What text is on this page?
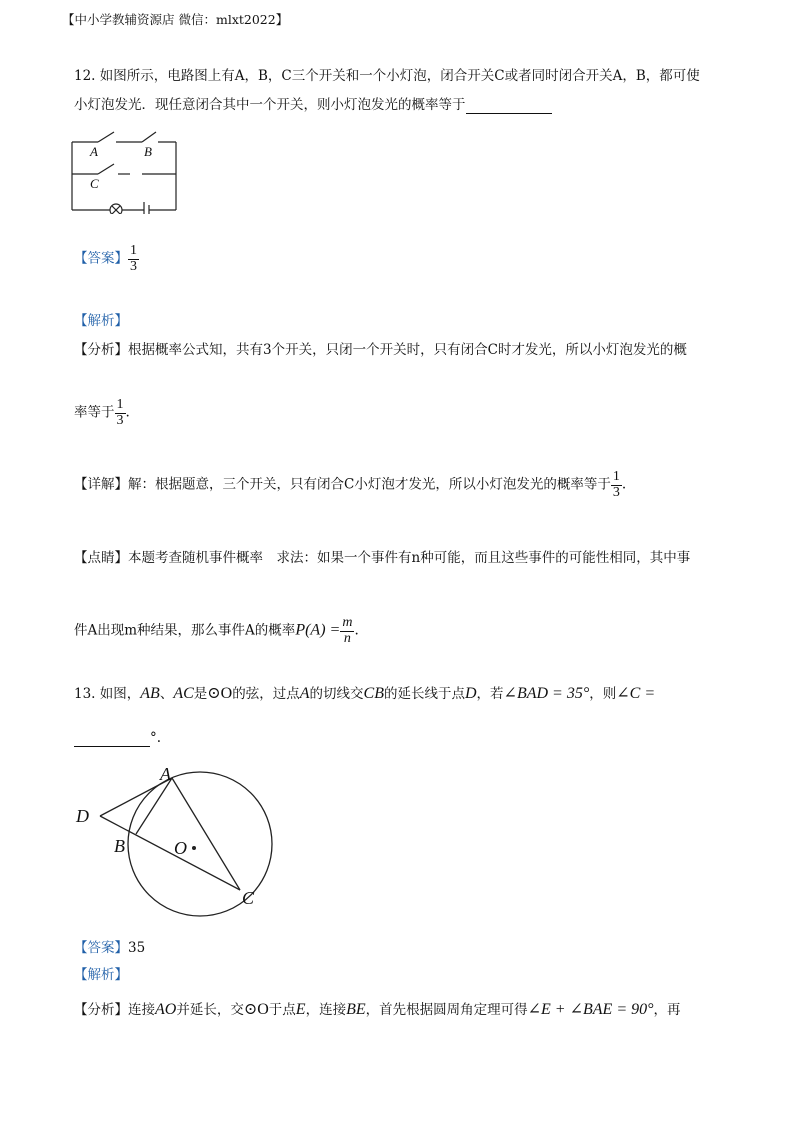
【中小学教辅资源店 微信：mlxt2022】
12. 如图所示，电路图上有A，B，C三个开关和一个小灯泡，闭合开关C或者同时闭合开关A，B，都可使
小灯泡发光．现任意闭合其中一个开关，则小灯泡发光的概率等于
A	B
C
【答案】 $\frac{1}{3}$
【解析】
【分析】根据概率公式知，共有3个开关，只闭一个开关时，只有闭合C时才发光，所以小灯泡发光的概
率等于 $\frac{1}{3}$ .
【详解】解：根据题意，三个开关，只有闭合C小灯泡才发光，所以小灯泡发光的概率等于 $\frac{1}{3}$ .
【点睛】本题考查随机事件概率　求法：如果一个事件有n种可能，而且这些事件的可能性相同，其中事
件A出现m种结果，那么事件A的概率$P(A) = \frac{m}{n}$ .
13. 如图，AB、AC是⊙O的弦，过点A的切线交CB的延长线于点D，若∠BAD = 35°，则∠C =
°.
A
B
C
D
O
【答案】35
【解析】
【分析】连接AO并延长，交⊙O于点E，连接BE，首先根据圆周角定理可得∠E + ∠BAE = 90°，再
